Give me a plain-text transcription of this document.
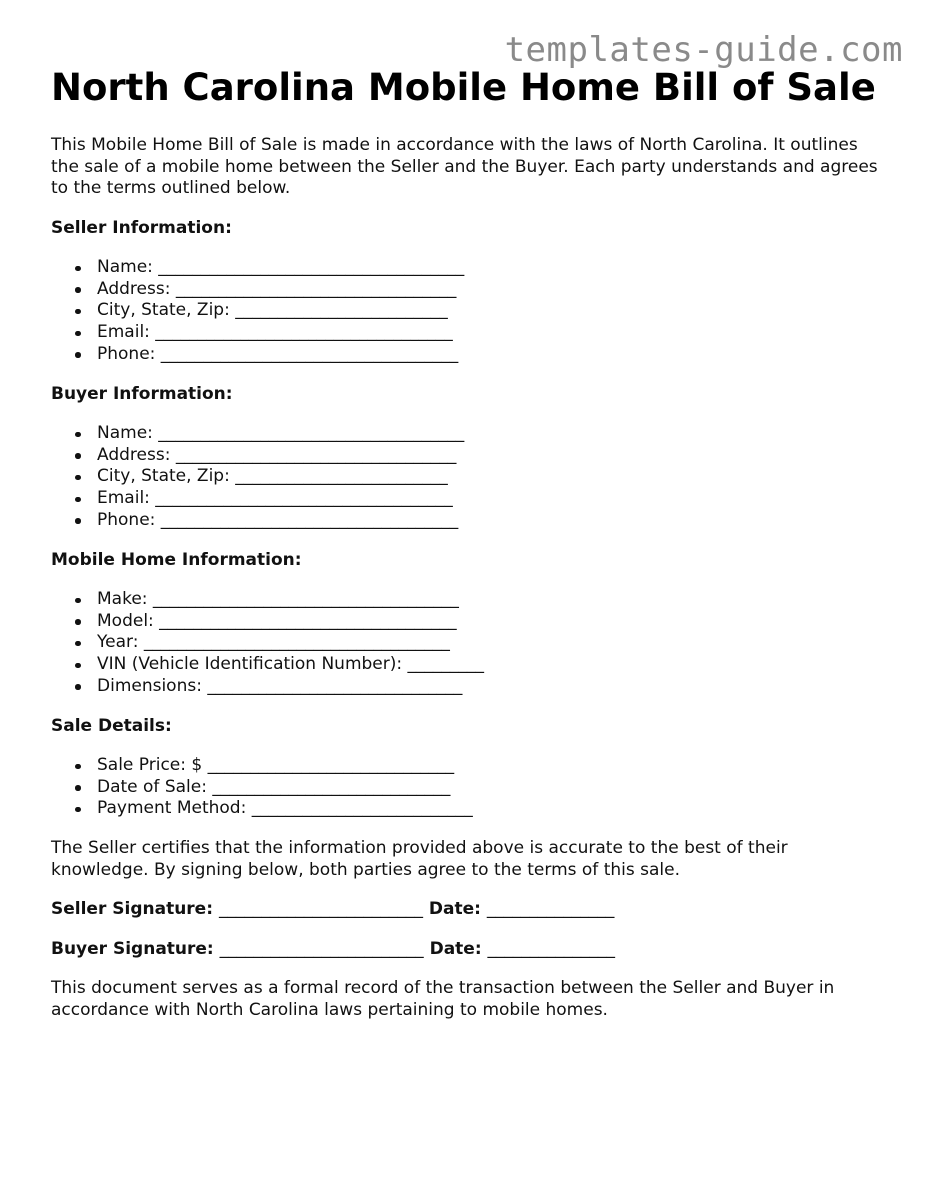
templates-guide.com
North Carolina Mobile Home Bill of Sale

This Mobile Home Bill of Sale is made in accordance with the laws of North Carolina. It outlines the sale of a mobile home between the Seller and the Buyer. Each party understands and agrees to the terms outlined below.

Seller Information:

Name: ____________________________________
Address: _________________________________
City, State, Zip: _________________________
Email: ___________________________________
Phone: ___________________________________

Buyer Information:

Name: ____________________________________
Address: _________________________________
City, State, Zip: _________________________
Email: ___________________________________
Phone: ___________________________________

Mobile Home Information:

Make: ____________________________________
Model: ___________________________________
Year: ____________________________________
VIN (Vehicle Identification Number): _________
Dimensions: ______________________________

Sale Details:

Sale Price: $ _____________________________
Date of Sale: ____________________________
Payment Method: __________________________

The Seller certifies that the information provided above is accurate to the best of their knowledge. By signing below, both parties agree to the terms of this sale.

Seller Signature: ________________________ Date: _______________

Buyer Signature: ________________________ Date: _______________

This document serves as a formal record of the transaction between the Seller and Buyer in accordance with North Carolina laws pertaining to mobile homes.
